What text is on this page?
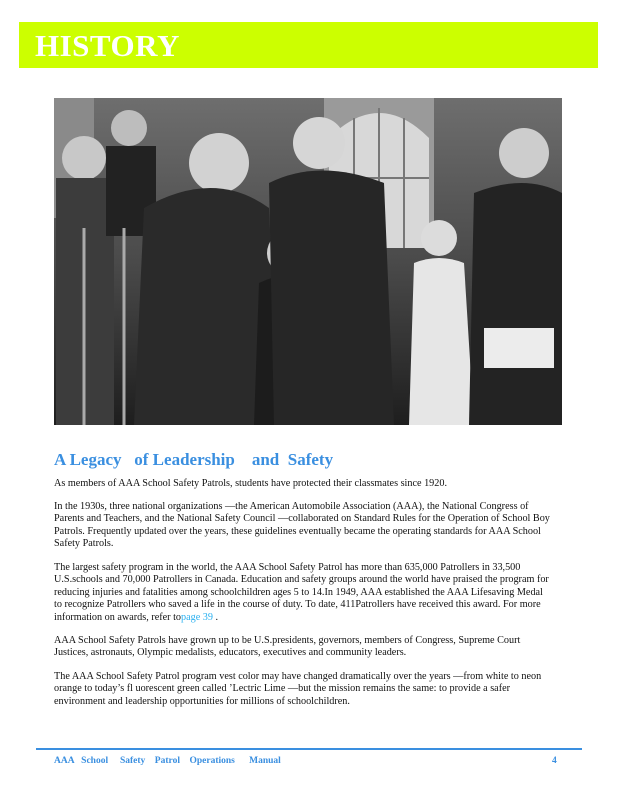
HISTORY
A Legacy   of Leadership    and  Safety

As members of AAA School Safety Patrols, students have protected their classmates since 1920.

In the 1930s, three national organizations —the American Automobile Association (AAA), the National Congress of Parents and Teachers, and the National Safety Council —collaborated on Standard Rules for the Operation of School Boy Patrols. Frequently updated over the years, these guidelines eventually became the operating standards for AAA School Safety Patrols.

The largest safety program in the world, the AAA School Safety Patrol has more than 635,000 Patrollers in 33,500 U.S.schools and 70,000 Patrollers in Canada. Education and safety groups around the world have praised the program for reducing injuries and fatalities among schoolchildren ages 5 to 14.In 1949, AAA established the AAA Lifesaving Medal to recognize Patrollers who saved a life in the course of duty. To date, 411Patrollers have received this award. For more information on awards, refer topage 39 .

AAA School Safety Patrols have grown up to be U.S.presidents, governors, members of Congress, Supreme Court Justices, astronauts, Olympic medalists, educators, executives and community leaders.

The AAA School Safety Patrol program vest color may have changed dramatically over the years —from white to neon orange to today’s fl uorescent green called ’Lectric Lime —but the mission remains the same: to provide a safer environment and leadership opportunities for millions of schoolchildren.

AAA   School     Safety    Patrol    Operations      Manual	4
